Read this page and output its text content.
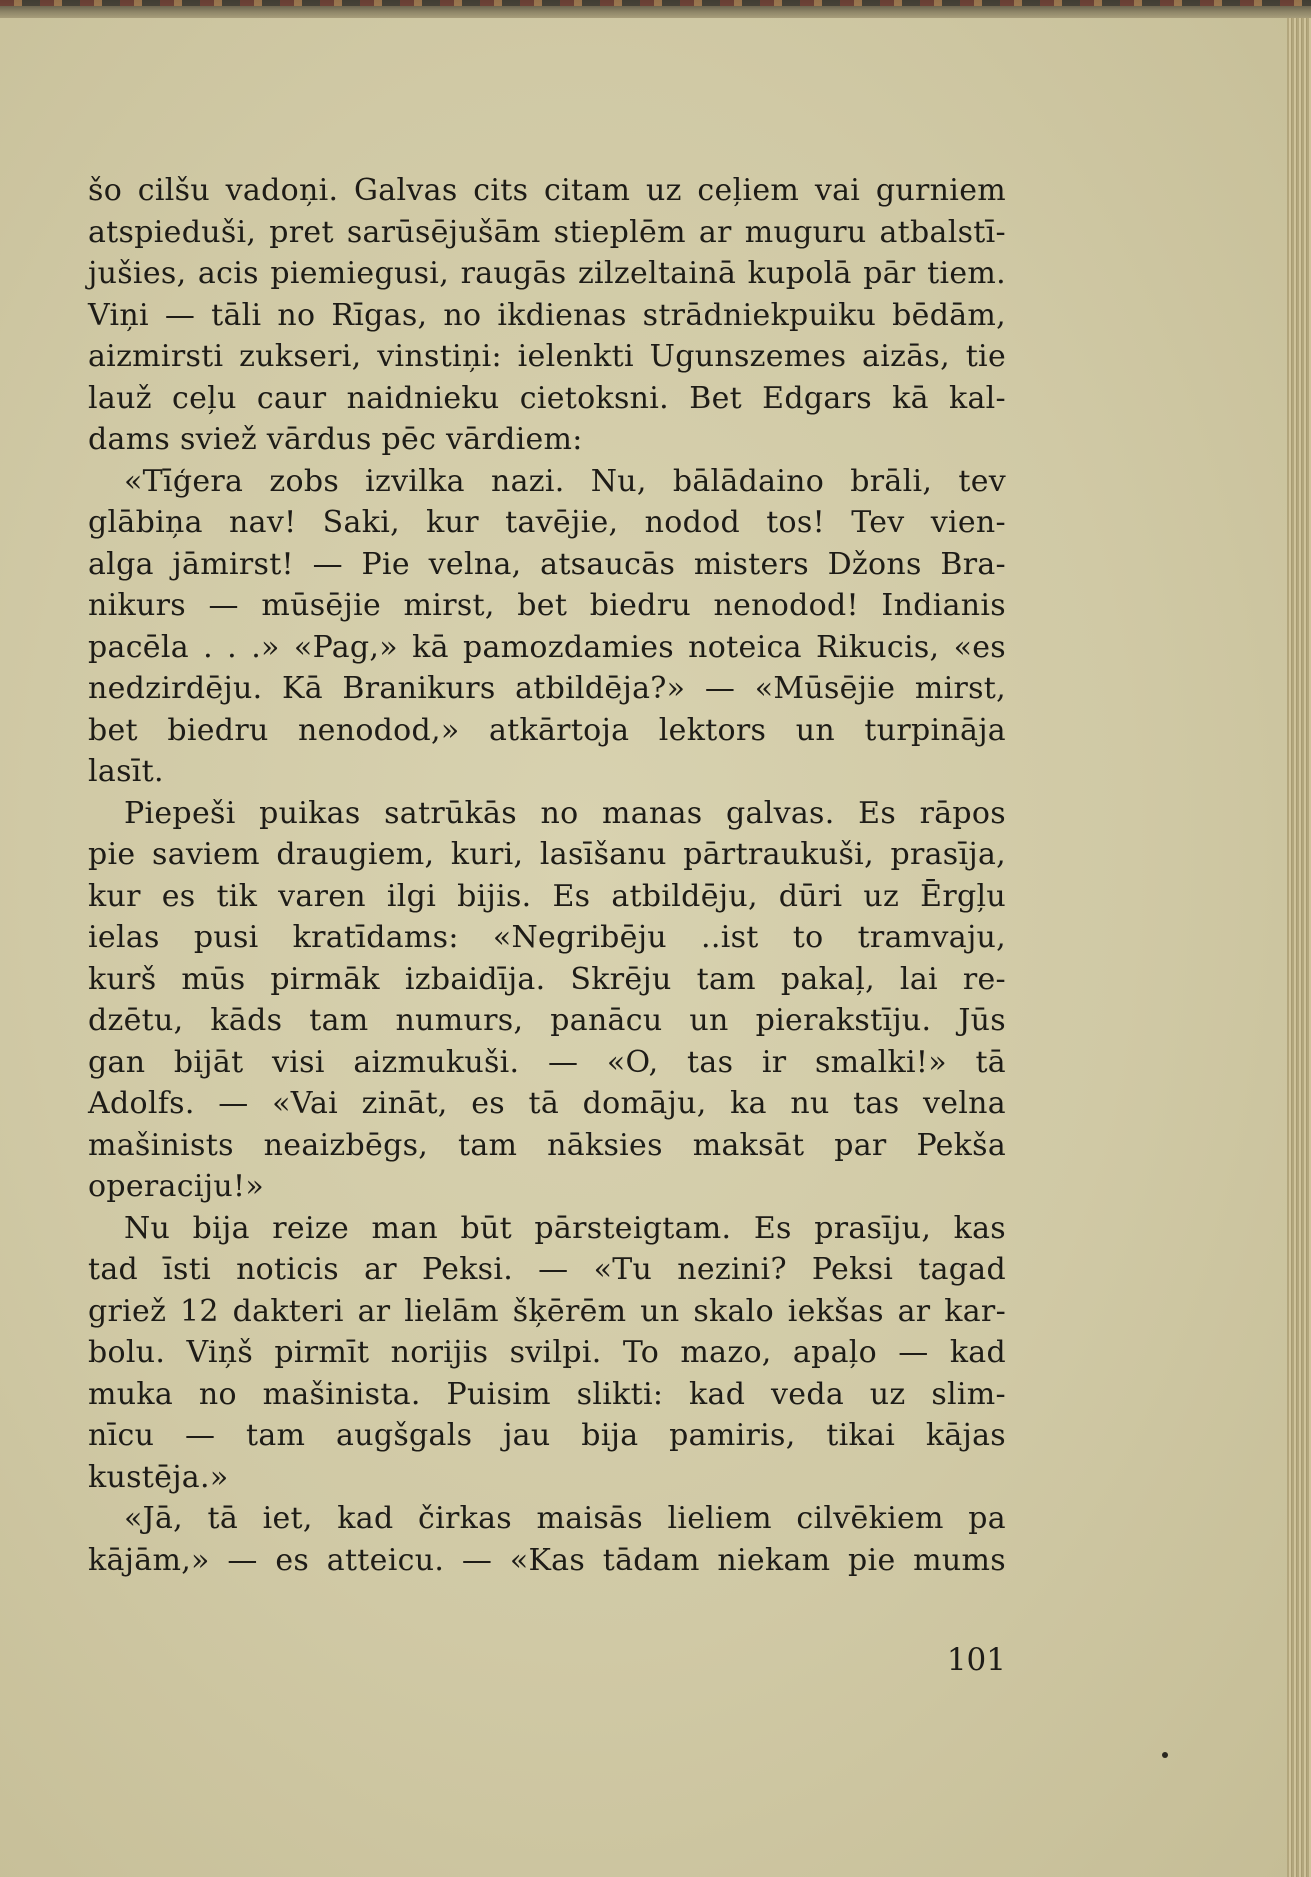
šo cilšu vadoņi. Galvas cits citam uz ceļiem vai gurniem
atspieduši, pret sarūsējušām stieplēm ar muguru atbalstī-
jušies, acis piemiegusi, raugās zilzeltainā kupolā pār tiem.
Viņi — tāli no Rīgas, no ikdienas strādniekpuiku bēdām,
aizmirsti zukseri, vinstiņi: ielenkti Ugunszemes aizās, tie
lauž ceļu caur naidnieku cietoksni. Bet Edgars kā kal-
dams sviež vārdus pēc vārdiem:
«Tīģera zobs izvilka nazi. Nu, bālādaino brāli, tev
glābiņa nav! Saki, kur tavējie, nodod tos! Tev vien-
alga jāmirst! — Pie velna, atsaucās misters Džons Bra-
nikurs — mūsējie mirst, bet biedru nenodod! Indianis
pacēla . . .» «Pag,» kā pamozdamies noteica Rikucis, «es
nedzirdēju. Kā Branikurs atbildēja?» — «Mūsējie mirst,
bet biedru nenodod,» atkārtoja lektors un turpināja
lasīt.
Piepeši puikas satrūkās no manas galvas. Es rāpos
pie saviem draugiem, kuri, lasīšanu pārtraukuši, prasīja,
kur es tik varen ilgi bijis. Es atbildēju, dūri uz Ērgļu
ielas pusi kratīdams: «Negribēju ..ist to tramvaju,
kurš mūs pirmāk izbaidīja. Skrēju tam pakaļ, lai re-
dzētu, kāds tam numurs, panācu un pierakstīju. Jūs
gan bijāt visi aizmukuši. — «O, tas ir smalki!» tā
Adolfs. — «Vai zināt, es tā domāju, ka nu tas velna
mašinists neaizbēgs, tam nāksies maksāt par Pekša
operaciju!»
Nu bija reize man būt pārsteigtam. Es prasīju, kas
tad īsti noticis ar Peksi. — «Tu nezini? Peksi tagad
griež 12 dakteri ar lielām šķērēm un skalo iekšas ar kar-
bolu. Viņš pirmīt norijis svilpi. To mazo, apaļo — kad
muka no mašinista. Puisim slikti: kad veda uz slim-
nīcu — tam augšgals jau bija pamiris, tikai kājas
kustēja.»
«Jā, tā iet, kad čirkas maisās lieliem cilvēkiem pa
kājām,» — es atteicu. — «Kas tādam niekam pie mums
101
